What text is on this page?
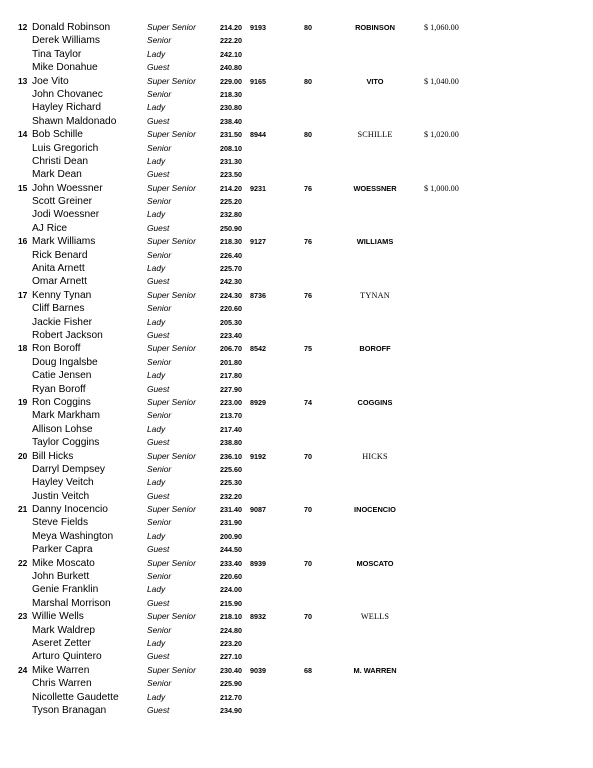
12 Donald Robinson	Super Senior	214.20 9193	80	ROBINSON	$ 1,060.00
Derek Williams	Senior	222.20
Tina Taylor	Lady	242.10
Mike Donahue	Guest	240.80
13 Joe Vito	Super Senior	229.00 9165	80	VITO	$ 1,040.00
John Chovanec	Senior	218.30
Hayley Richard	Lady	230.80
Shawn Maldonado	Guest	238.40
14 Bob Schille	Super Senior	231.50 8944	80	SCHILLE	$ 1,020.00
Luis Gregorich	Senior	208.10
Christi Dean	Lady	231.30
Mark Dean	Guest	223.50
15 John Woessner	Super Senior	214.20 9231	76	WOESSNER	$ 1,000.00
Scott Greiner	Senior	225.20
Jodi Woessner	Lady	232.80
AJ Rice	Guest	250.90
16 Mark Williams	Super Senior	218.30 9127	76	WILLIAMS
Rick Benard	Senior	226.40
Anita Arnett	Lady	225.70
Omar Arnett	Guest	242.30
17 Kenny Tynan	Super Senior	224.30 8736	76	TYNAN
Cliff Barnes	Senior	220.60
Jackie Fisher	Lady	205.30
Robert Jackson	Guest	223.40
18 Ron Boroff	Super Senior	206.70 8542	75	BOROFF
Doug Ingalsbe	Senior	201.80
Catie Jensen	Lady	217.80
Ryan Boroff	Guest	227.90
19 Ron Coggins	Super Senior	223.00 8929	74	COGGINS
Mark Markham	Senior	213.70
Allison Lohse	Lady	217.40
Taylor Coggins	Guest	238.80
20 Bill Hicks	Super Senior	236.10 9192	70	HICKS
Darryl Dempsey	Senior	225.60
Hayley Veitch	Lady	225.30
Justin Veitch	Guest	232.20
21 Danny Inocencio	Super Senior	231.40 9087	70	INOCENCIO
Steve Fields	Senior	231.90
Meya Washington	Lady	200.90
Parker Capra	Guest	244.50
22 Mike Moscato	Super Senior	233.40 8939	70	MOSCATO
John Burkett	Senior	220.60
Genie Franklin	Lady	224.00
Marshal Morrison	Guest	215.90
23 Willie Wells	Super Senior	218.10 8932	70	WELLS
Mark Waldrep	Senior	224.80
Aseret Zetter	Lady	223.20
Arturo Quintero	Guest	227.10
24 Mike Warren	Super Senior	230.40 9039	68	M. WARREN
Chris Warren	Senior	225.90
Nicollette Gaudette	Lady	212.70
Tyson Branagan	Guest	234.90
